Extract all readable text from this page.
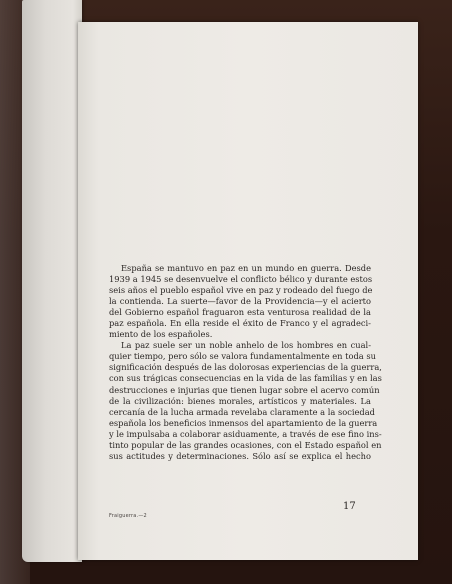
España se mantuvo en paz en un mundo en guerra. Desde
1939 a 1945 se desenvuelve el conflicto bélico y durante estos
seis años el pueblo español vive en paz y rodeado del fuego de
la contienda. La suerte—favor de la Providencia—y el acierto
del Gobierno español fraguaron esta venturosa realidad de la
paz española. En ella reside el éxito de Franco y el agradeci-
miento de los españoles.

La paz suele ser un noble anhelo de los hombres en cual-
quier tiempo, pero sólo se valora fundamentalmente en toda su
significación después de las dolorosas experiencias de la guerra,
con sus trágicas consecuencias en la vida de las familias y en las
destrucciones e injurias que tienen lugar sobre el acervo común
de la civilización: bienes morales, artísticos y materiales. La
cercanía de la lucha armada revelaba claramente a la sociedad
española los beneficios inmensos del apartamiento de la guerra
y le impulsaba a colaborar asiduamente, a través de ese fino ins-
tinto popular de las grandes ocasiones, con el Estado español en
sus actitudes y determinaciones. Sólo así se explica el hecho

Fraiguerra.—2
17
